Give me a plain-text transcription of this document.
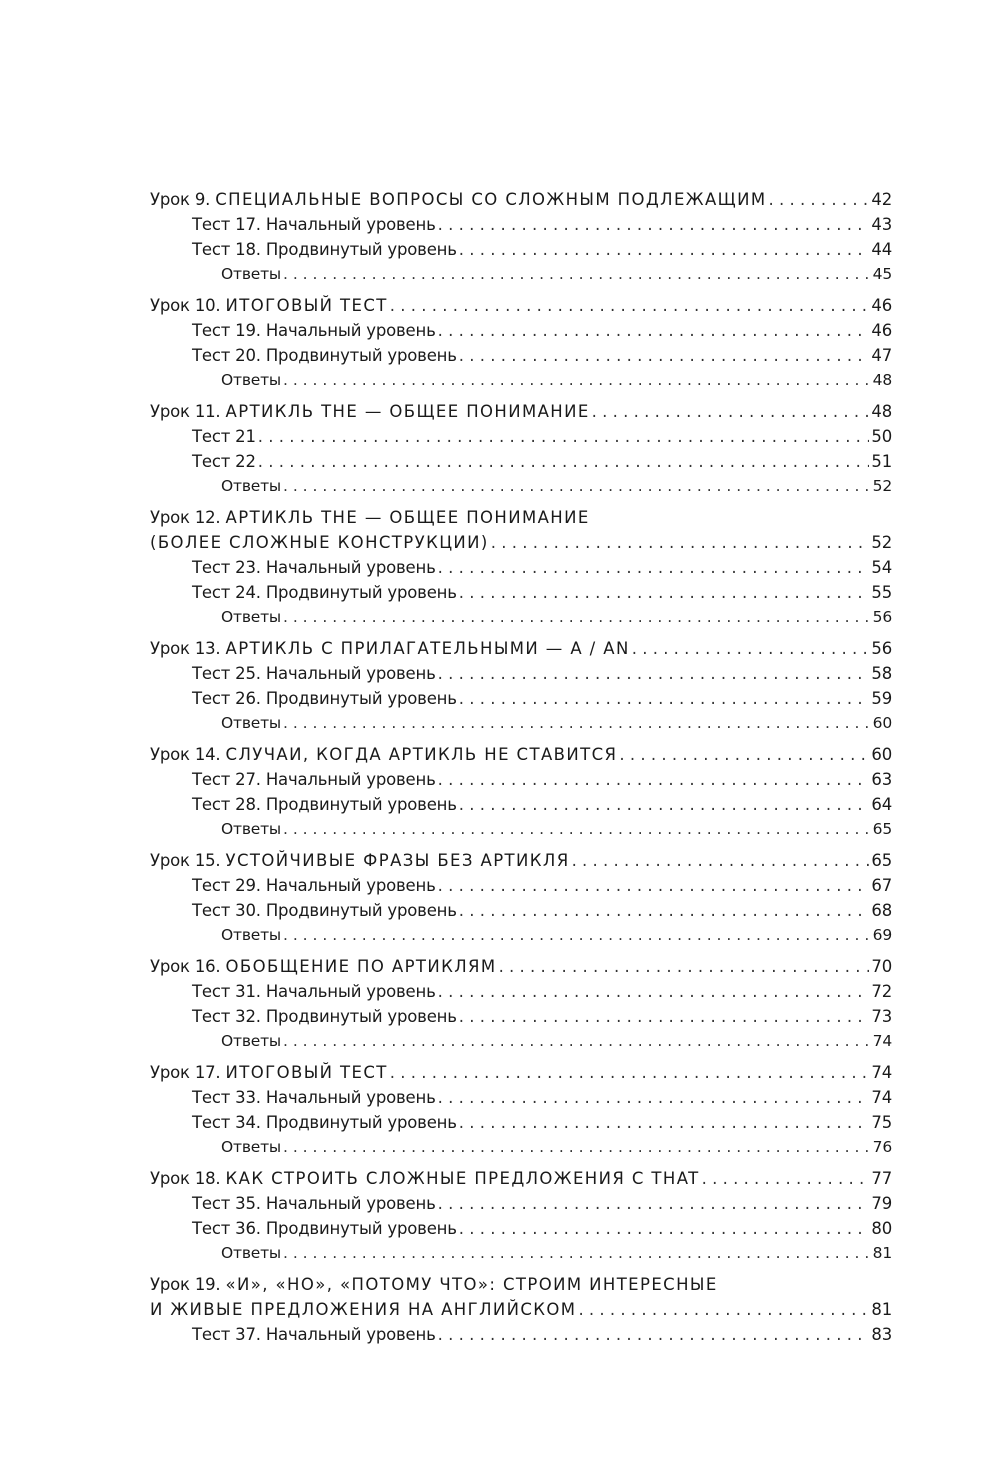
Урок 9. СПЕЦИАЛЬНЫЕ ВОПРОСЫ СО СЛОЖНЫМ ПОДЛЕЖАЩИМ . . .	42
Тест 17. Начальный уровень . . .	43
Тест 18. Продвинутый уровень . . .	44
Ответы . . .	45
Урок 10. ИТОГОВЫЙ ТЕСТ . . .	46
Тест 19. Начальный уровень . . .	46
Тест 20. Продвинутый уровень . . .	47
Ответы . . .	48
Урок 11. АРТИКЛЬ THE — ОБЩЕЕ ПОНИМАНИЕ . . .	48
Тест 21 . . .	50
Тест 22 . . .	51
Ответы . . .	52
Урок 12. АРТИКЛЬ THE — ОБЩЕЕ ПОНИМАНИЕ
(БОЛЕЕ СЛОЖНЫЕ КОНСТРУКЦИИ) . . .	52
Тест 23. Начальный уровень . . .	54
Тест 24. Продвинутый уровень . . .	55
Ответы . . .	56
Урок 13. АРТИКЛЬ С ПРИЛАГАТЕЛЬНЫМИ — A / AN . . .	56
Тест 25. Начальный уровень . . .	58
Тест 26. Продвинутый уровень . . .	59
Ответы . . .	60
Урок 14. СЛУЧАИ, КОГДА АРТИКЛЬ НЕ СТАВИТСЯ . . .	60
Тест 27. Начальный уровень . . .	63
Тест 28. Продвинутый уровень . . .	64
Ответы . . .	65
Урок 15. УСТОЙЧИВЫЕ ФРАЗЫ БЕЗ АРТИКЛЯ . . .	65
Тест 29. Начальный уровень . . .	67
Тест 30. Продвинутый уровень . . .	68
Ответы . . .	69
Урок 16. ОБОБЩЕНИЕ ПО АРТИКЛЯМ . . .	70
Тест 31. Начальный уровень . . .	72
Тест 32. Продвинутый уровень . . .	73
Ответы . . .	74
Урок 17. ИТОГОВЫЙ ТЕСТ . . .	74
Тест 33. Начальный уровень . . .	74
Тест 34. Продвинутый уровень . . .	75
Ответы . . .	76
Урок 18. КАК СТРОИТЬ СЛОЖНЫЕ ПРЕДЛОЖЕНИЯ С THAT . . .	77
Тест 35. Начальный уровень . . .	79
Тест 36. Продвинутый уровень . . .	80
Ответы . . .	81
Урок 19. «И», «НО», «ПОТОМУ ЧТО»: СТРОИМ ИНТЕРЕСНЫЕ
И ЖИВЫЕ ПРЕДЛОЖЕНИЯ НА АНГЛИЙСКОМ . . .	81
Тест 37. Начальный уровень . . .	83
